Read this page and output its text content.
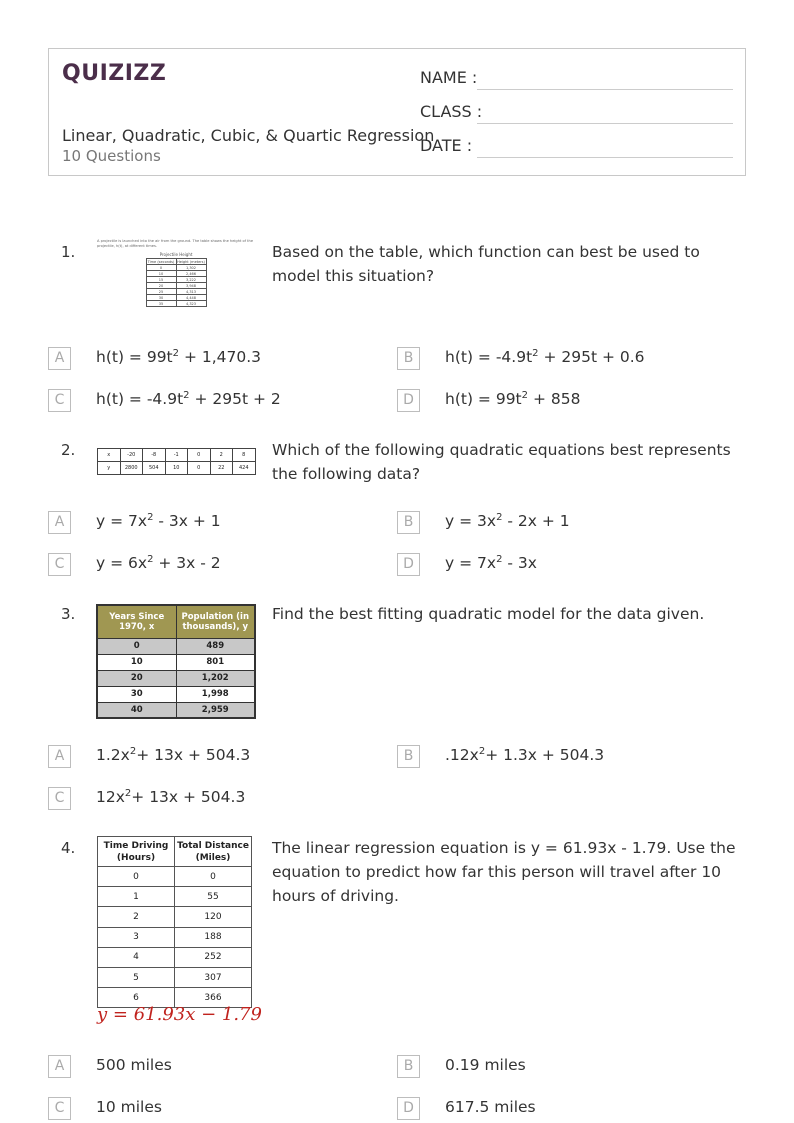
QUIZIZZ
Linear, Quadratic, Cubic, & Quartic Regression
10 Questions
NAME :
CLASS :
DATE :
1.
A projectile is launched into the air from the ground. The table shows the height of the projectile, h(t), at different times.
Projectile Height
Time (seconds)	Height (meters)
0	1,302
10	2,466
15	3,222
20	3,948
25	4,313
30	4,448
35	4,323
Based on the table, which function can best be used to model this situation?
A	$h(t) = 99t^2 + 1,470.3$	B	$h(t) = -4.9t^2 + 295t + 0.6$
C	$h(t) = -4.9t^2 + 295t + 2$	D	$h(t) = 99t^2 + 858$
2.	x	-20	-8	-1	0	2	8
y	2800	504	10	0	22	424
Which of the following quadratic equations best represents the following data?
A	$y = 7x^2 - 3x + 1$	B	$y = 3x^2 - 2x + 1$
C	$y = 6x^2 + 3x - 2$	D	$y = 7x^2 - 3x$
3.	Years Since 1970, x	Population (in thousands), y
0	489
10	801
20	1,202
30	1,998
40	2,959
Find the best fitting quadratic model for the data given.
A	$1.2x^2+ 13x + 504.3$	B	$.12x^2+ 1.3x + 504.3$
C	$12x^2+ 13x + 504.3$
4.	Time Driving (Hours)	Total Distance (Miles)
0	0
1	55
2	120
3	188
4	252
5	307
6	366
y = 61.93x − 1.79
The linear regression equation is y = 61.93x - 1.79. Use the equation to predict how far this person will travel after 10 hours of driving.
A	500 miles	B	0.19 miles
C	10 miles	D	617.5 miles
